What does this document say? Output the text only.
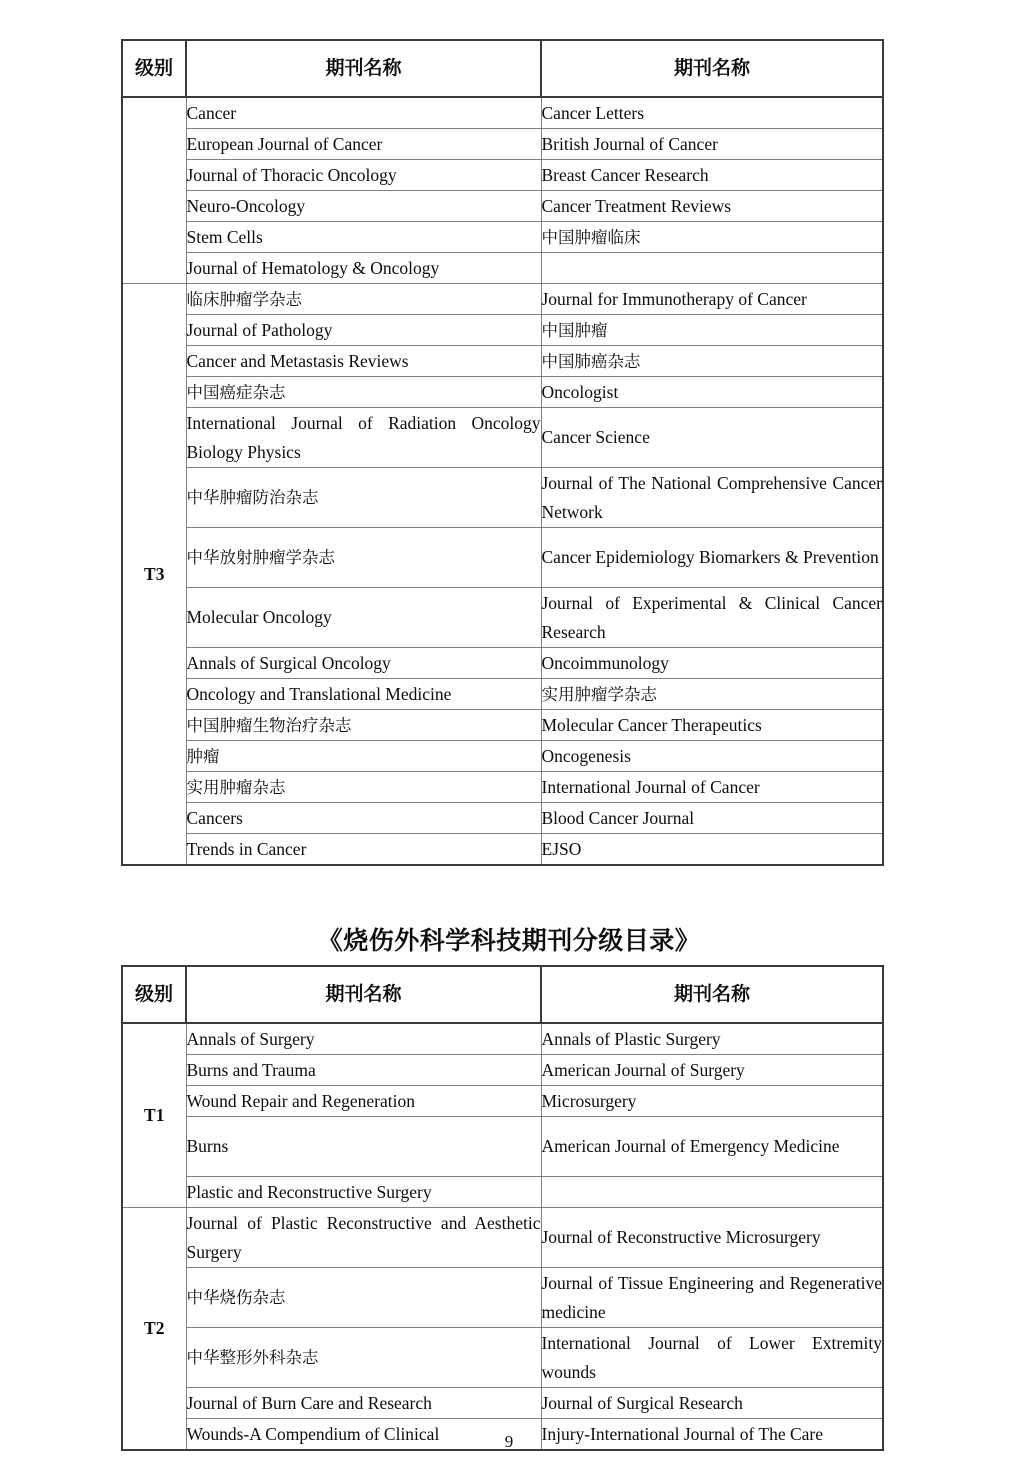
级别	期刊名称	期刊名称
	Cancer	Cancer Letters
	European Journal of Cancer	British Journal of Cancer
	Journal of Thoracic Oncology	Breast Cancer Research
	Neuro-Oncology	Cancer Treatment Reviews
	Stem Cells	中国肿瘤临床
	Journal of Hematology & Oncology	
T3	临床肿瘤学杂志	Journal for Immunotherapy of Cancer
	Journal of Pathology	中国肿瘤
	Cancer and Metastasis Reviews	中国肺癌杂志
	中国癌症杂志	Oncologist
	International Journal of Radiation Oncology Biology Physics	Cancer Science
	中华肿瘤防治杂志	Journal of The National Comprehensive Cancer Network
	中华放射肿瘤学杂志	Cancer Epidemiology Biomarkers & Prevention
	Molecular Oncology	Journal of Experimental & Clinical Cancer Research
	Annals of Surgical Oncology	Oncoimmunology
	Oncology and Translational Medicine	实用肿瘤学杂志
	中国肿瘤生物治疗杂志	Molecular Cancer Therapeutics
	肿瘤	Oncogenesis
	实用肿瘤杂志	International Journal of Cancer
	Cancers	Blood Cancer Journal
	Trends in Cancer	EJSO
《烧伤外科学科技期刊分级目录》
级别	期刊名称	期刊名称
T1	Annals of Surgery	Annals of Plastic Surgery
	Burns and Trauma	American Journal of Surgery
	Wound Repair and Regeneration	Microsurgery
	Burns	American Journal of Emergency Medicine
	Plastic and Reconstructive Surgery	
T2	Journal of Plastic Reconstructive and Aesthetic Surgery	Journal of Reconstructive Microsurgery
	中华烧伤杂志	Journal of Tissue Engineering and Regenerative medicine
	中华整形外科杂志	International Journal of Lower Extremity wounds
	Journal of Burn Care and Research	Journal of Surgical Research
	Wounds-A Compendium of Clinical	Injury-International Journal of The Care
9
